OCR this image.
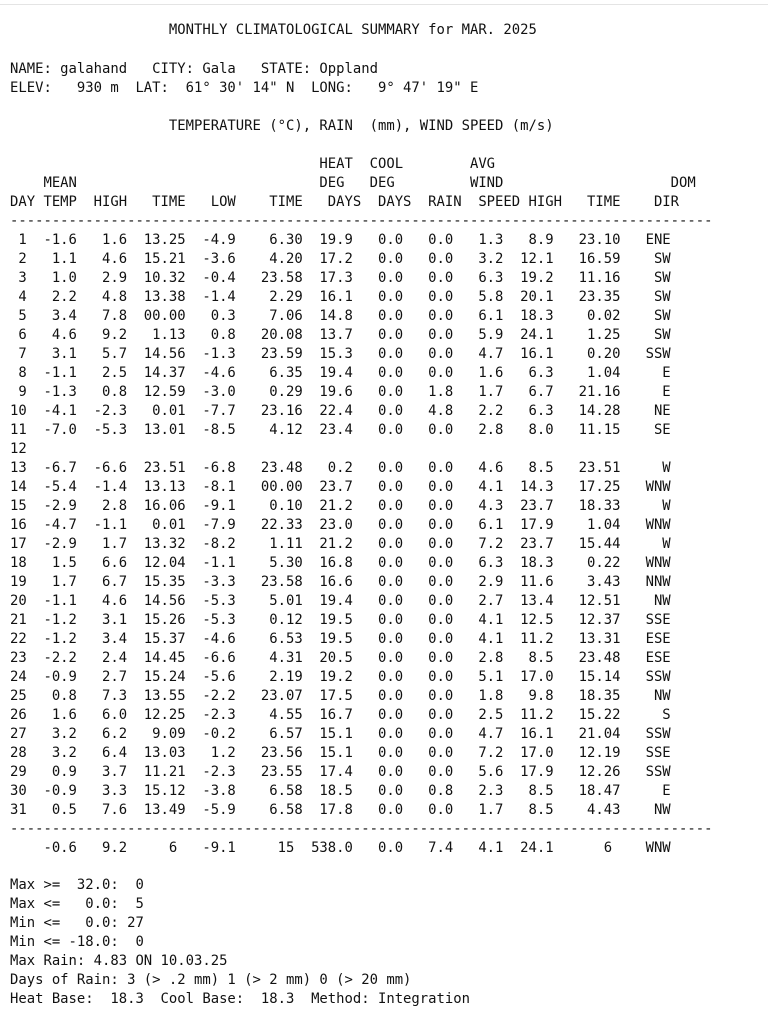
MONTHLY CLIMATOLOGICAL SUMMARY for MAR. 2025
NAME: galahand   CITY: Gala   STATE: Oppland
ELEV:   930 m  LAT:  61° 30' 14" N  LONG:   9° 47' 19" E
TEMPERATURE (°C), RAIN  (mm), WIND SPEED (m/s)
HEAT  COOL        AVG
MEAN                             DEG   DEG         WIND                    DOM
DAY TEMP  HIGH   TIME   LOW    TIME   DAYS  DAYS  RAIN  SPEED HIGH   TIME    DIR
------------------------------------------------------------------------------------
1  -1.6   1.6  13.25  -4.9    6.30  19.9   0.0   0.0   1.3   8.9   23.10   ENE
2   1.1   4.6  15.21  -3.6    4.20  17.2   0.0   0.0   3.2  12.1   16.59    SW
3   1.0   2.9  10.32  -0.4   23.58  17.3   0.0   0.0   6.3  19.2   11.16    SW
4   2.2   4.8  13.38  -1.4    2.29  16.1   0.0   0.0   5.8  20.1   23.35    SW
5   3.4   7.8  00.00   0.3    7.06  14.8   0.0   0.0   6.1  18.3    0.02    SW
6   4.6   9.2   1.13   0.8   20.08  13.7   0.0   0.0   5.9  24.1    1.25    SW
7   3.1   5.7  14.56  -1.3   23.59  15.3   0.0   0.0   4.7  16.1    0.20   SSW
8  -1.1   2.5  14.37  -4.6    6.35  19.4   0.0   0.0   1.6   6.3    1.04     E
9  -1.3   0.8  12.59  -3.0    0.29  19.6   0.0   1.8   1.7   6.7   21.16     E
10  -4.1  -2.3   0.01  -7.7   23.16  22.4   0.0   4.8   2.2   6.3   14.28    NE
11  -7.0  -5.3  13.01  -8.5    4.12  23.4   0.0   0.0   2.8   8.0   11.15    SE
12
13  -6.7  -6.6  23.51  -6.8   23.48   0.2   0.0   0.0   4.6   8.5   23.51     W
14  -5.4  -1.4  13.13  -8.1   00.00  23.7   0.0   0.0   4.1  14.3   17.25   WNW
15  -2.9   2.8  16.06  -9.1    0.10  21.2   0.0   0.0   4.3  23.7   18.33     W
16  -4.7  -1.1   0.01  -7.9   22.33  23.0   0.0   0.0   6.1  17.9    1.04   WNW
17  -2.9   1.7  13.32  -8.2    1.11  21.2   0.0   0.0   7.2  23.7   15.44     W
18   1.5   6.6  12.04  -1.1    5.30  16.8   0.0   0.0   6.3  18.3    0.22   WNW
19   1.7   6.7  15.35  -3.3   23.58  16.6   0.0   0.0   2.9  11.6    3.43   NNW
20  -1.1   4.6  14.56  -5.3    5.01  19.4   0.0   0.0   2.7  13.4   12.51    NW
21  -1.2   3.1  15.26  -5.3    0.12  19.5   0.0   0.0   4.1  12.5   12.37   SSE
22  -1.2   3.4  15.37  -4.6    6.53  19.5   0.0   0.0   4.1  11.2   13.31   ESE
23  -2.2   2.4  14.45  -6.6    4.31  20.5   0.0   0.0   2.8   8.5   23.48   ESE
24  -0.9   2.7  15.24  -5.6    2.19  19.2   0.0   0.0   5.1  17.0   15.14   SSW
25   0.8   7.3  13.55  -2.2   23.07  17.5   0.0   0.0   1.8   9.8   18.35    NW
26   1.6   6.0  12.25  -2.3    4.55  16.7   0.0   0.0   2.5  11.2   15.22     S
27   3.2   6.2   9.09  -0.2    6.57  15.1   0.0   0.0   4.7  16.1   21.04   SSW
28   3.2   6.4  13.03   1.2   23.56  15.1   0.0   0.0   7.2  17.0   12.19   SSE
29   0.9   3.7  11.21  -2.3   23.55  17.4   0.0   0.0   5.6  17.9   12.26   SSW
30  -0.9   3.3  15.12  -3.8    6.58  18.5   0.0   0.8   2.3   8.5   18.47     E
31   0.5   7.6  13.49  -5.9    6.58  17.8   0.0   0.0   1.7   8.5    4.43    NW
------------------------------------------------------------------------------------
-0.6   9.2     6   -9.1     15  538.0   0.0   7.4   4.1  24.1      6    WNW
Max >=  32.0:  0
Max <=   0.0:  5
Min <=   0.0: 27
Min <= -18.0:  0
Max Rain: 4.83 ON 10.03.25
Days of Rain: 3 (> .2 mm) 1 (> 2 mm) 0 (> 20 mm)
Heat Base:  18.3  Cool Base:  18.3  Method: Integration
